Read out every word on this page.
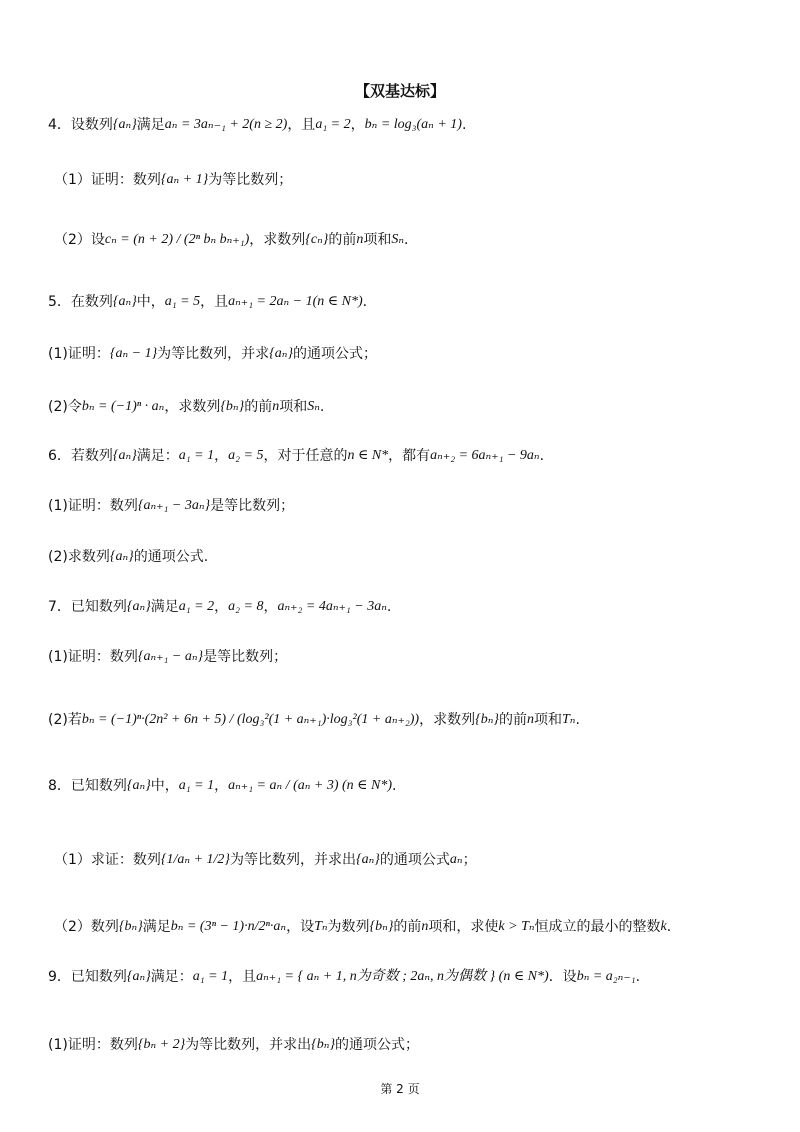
【双基达标】
4．设数列{aₙ}满足aₙ = 3aₙ₋₁ + 2(n ≥ 2)，且a₁ = 2，bₙ = log₃(aₙ + 1).
（1）证明：数列{aₙ + 1}为等比数列；
（2）设cₙ = (n + 2) / (2ⁿ bₙ bₙ₊₁)，求数列{cₙ}的前n项和Sₙ.
5．在数列{aₙ}中，a₁ = 5，且aₙ₊₁ = 2aₙ − 1(n ∈ N*).
(1)证明：{aₙ − 1}为等比数列，并求{aₙ}的通项公式；
(2)令bₙ = (−1)ⁿ · aₙ，求数列{bₙ}的前n项和Sₙ.
6．若数列{aₙ}满足：a₁ = 1，a₂ = 5，对于任意的n ∈ N*，都有aₙ₊₂ = 6aₙ₊₁ − 9aₙ.
(1)证明：数列{aₙ₊₁ − 3aₙ}是等比数列；
(2)求数列{aₙ}的通项公式.
7．已知数列{aₙ}满足a₁ = 2，a₂ = 8，aₙ₊₂ = 4aₙ₊₁ − 3aₙ.
(1)证明：数列{aₙ₊₁ − aₙ}是等比数列；
(2)若bₙ = (−1)ⁿ·(2n² + 6n + 5) / (log₃²(1 + aₙ₊₁)·log₃²(1 + aₙ₊₂))，求数列{bₙ}的前n项和Tₙ.
8．已知数列{aₙ}中，a₁ = 1，aₙ₊₁ = aₙ / (aₙ + 3) (n ∈ N*).
（1）求证：数列{1/aₙ + 1/2}为等比数列，并求出{aₙ}的通项公式aₙ；
（2）数列{bₙ}满足bₙ = (3ⁿ − 1)·n/2ⁿ·aₙ，设Tₙ为数列{bₙ}的前n项和，求使k > Tₙ恒成立的最小的整数k.
9．已知数列{aₙ}满足：a₁ = 1，且aₙ₊₁ = { aₙ + 1, n为奇数 ; 2aₙ, n为偶数 } (n ∈ N*)．设bₙ = a₂ₙ₋₁.
(1)证明：数列{bₙ + 2}为等比数列，并求出{bₙ}的通项公式；
第 2 页
